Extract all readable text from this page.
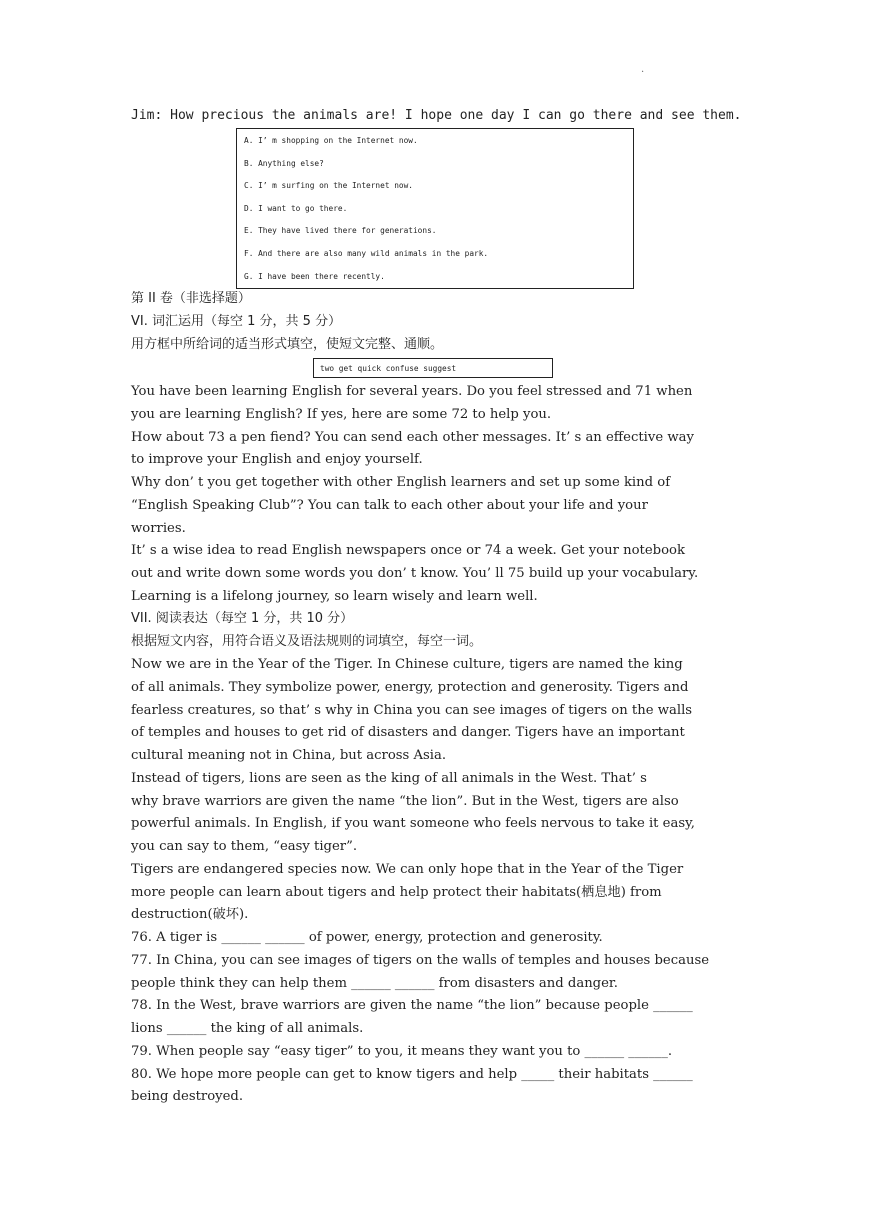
.
Jim: How precious the animals are! I hope one day I can go there and see them.
A. I’ m shopping on the Internet now.
B. Anything else?
C. I’ m surfing on the Internet now.
D. I want to go there.
E. They have lived there for generations.
F. And there are also many wild animals in the park.
G. I have been there recently.
第 II 卷（非选择题）
VI. 词汇运用（每空 1 分，共 5 分）
用方框中所给词的适当形式填空，使短文完整、通顺。
two get quick confuse suggest
You have been learning English for several years. Do you feel stressed and 71 when
you are learning English? If yes, here are some 72 to help you.
How about 73 a pen fiend? You can send each other messages. It’ s an effective way
to improve your English and enjoy yourself.
Why don’ t you get together with other English learners and set up some kind of
“English Speaking Club”? You can talk to each other about your life and your
worries.
It’ s a wise idea to read English newspapers once or 74 a week. Get your notebook
out and write down some words you don’ t know. You’ ll 75 build up your vocabulary.
Learning is a lifelong journey, so learn wisely and learn well.
VII. 阅读表达（每空 1 分，共 10 分）
根据短文内容，用符合语义及语法规则的词填空，每空一词。
Now we are in the Year of the Tiger. In Chinese culture, tigers are named the king
of all animals. They symbolize power, energy, protection and generosity. Tigers and
fearless creatures, so that’ s why in China you can see images of tigers on the walls
of temples and houses to get rid of disasters and danger. Tigers have an important
cultural meaning not in China, but across Asia.
Instead of tigers, lions are seen as the king of all animals in the West. That’ s
why brave warriors are given the name “the lion”. But in the West, tigers are also
powerful animals. In English, if you want someone who feels nervous to take it easy,
you can say to them, “easy tiger”.
Tigers are endangered species now. We can only hope that in the Year of the Tiger
more people can learn about tigers and help protect their habitats(栖息地) from
destruction(破坏).
76. A tiger is ______ ______ of power, energy, protection and generosity.
77. In China, you can see images of tigers on the walls of temples and houses because
people think they can help them ______ ______ from disasters and danger.
78. In the West, brave warriors are given the name “the lion” because people ______
lions ______ the king of all animals.
79. When people say “easy tiger” to you, it means they want you to ______ ______.
80. We hope more people can get to know tigers and help _____ their habitats ______
being destroyed.
